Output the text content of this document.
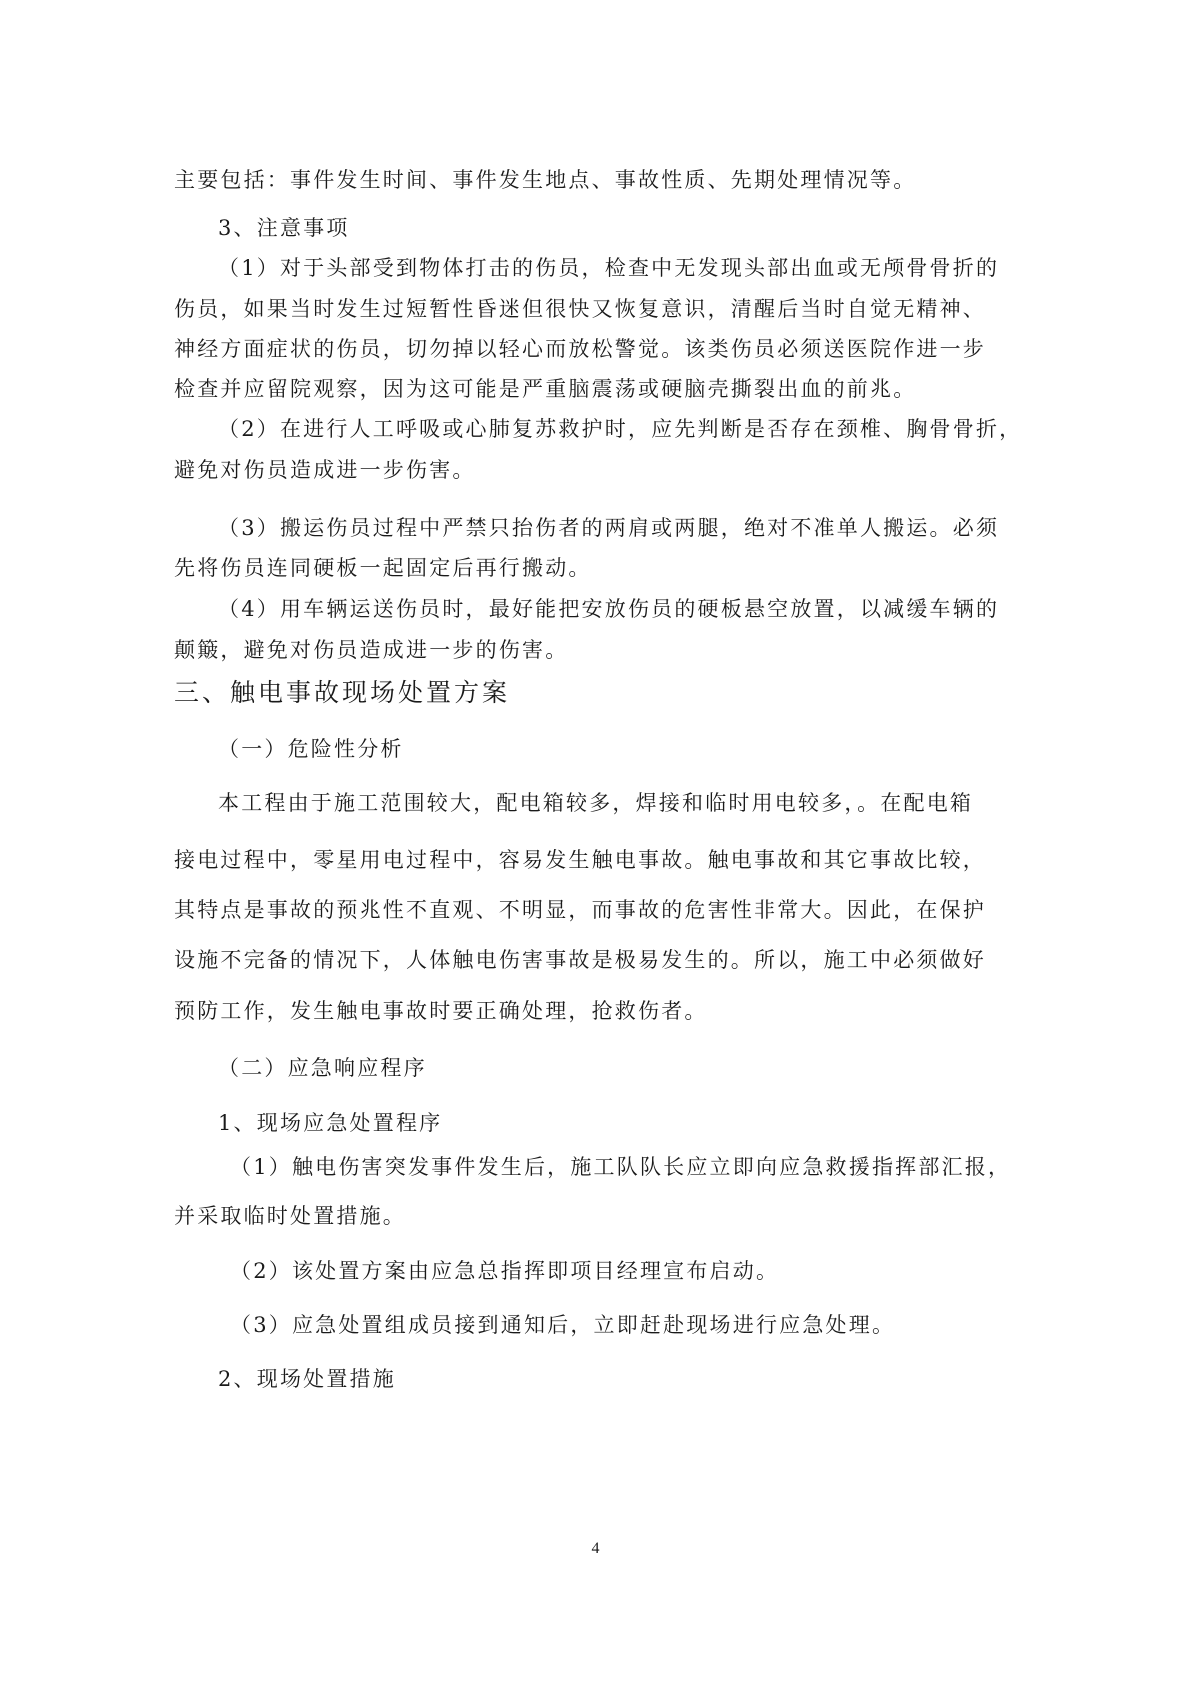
主要包括：事件发生时间、事件发生地点、事故性质、先期处理情况等。
3、注意事项
（1）对于头部受到物体打击的伤员，检查中无发现头部出血或无颅骨骨折的
伤员，如果当时发生过短暂性昏迷但很快又恢复意识，清醒后当时自觉无精神、
神经方面症状的伤员，切勿掉以轻心而放松警觉。该类伤员必须送医院作进一步
检查并应留院观察，因为这可能是严重脑震荡或硬脑壳撕裂出血的前兆。
（2）在进行人工呼吸或心肺复苏救护时，应先判断是否存在颈椎、胸骨骨折，
避免对伤员造成进一步伤害。
（3）搬运伤员过程中严禁只抬伤者的两肩或两腿，绝对不准单人搬运。必须
先将伤员连同硬板一起固定后再行搬动。
（4）用车辆运送伤员时，最好能把安放伤员的硬板悬空放置，以减缓车辆的
颠簸，避免对伤员造成进一步的伤害。
三、触电事故现场处置方案
（一）危险性分析
本工程由于施工范围较大，配电箱较多，焊接和临时用电较多，。在配电箱
接电过程中，零星用电过程中，容易发生触电事故。触电事故和其它事故比较，
其特点是事故的预兆性不直观、不明显，而事故的危害性非常大。因此，在保护
设施不完备的情况下，人体触电伤害事故是极易发生的。所以，施工中必须做好
预防工作，发生触电事故时要正确处理，抢救伤者。
（二）应急响应程序
1、现场应急处置程序
（1）触电伤害突发事件发生后，施工队队长应立即向应急救援指挥部汇报，
并采取临时处置措施。
（2）该处置方案由应急总指挥即项目经理宣布启动。
（3）应急处置组成员接到通知后，立即赶赴现场进行应急处理。
2、现场处置措施
4
